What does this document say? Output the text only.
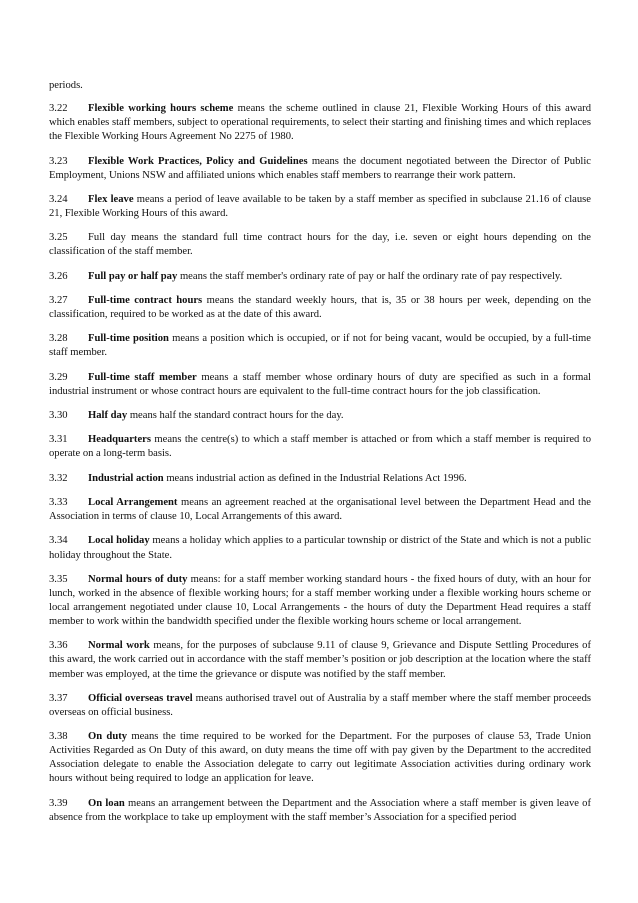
periods.

3.22 Flexible working hours scheme means the scheme outlined in clause 21, Flexible Working Hours of this award which enables staff members, subject to operational requirements, to select their starting and finishing times and which replaces the Flexible Working Hours Agreement No 2275 of 1980.

3.23 Flexible Work Practices, Policy and Guidelines means the document negotiated between the Director of Public Employment, Unions NSW and affiliated unions which enables staff members to rearrange their work pattern.

3.24 Flex leave means a period of leave available to be taken by a staff member as specified in subclause 21.16 of clause 21, Flexible Working Hours of this award.

3.25 Full day means the standard full time contract hours for the day, i.e. seven or eight hours depending on the classification of the staff member.

3.26 Full pay or half pay means the staff member's ordinary rate of pay or half the ordinary rate of pay respectively.

3.27 Full-time contract hours means the standard weekly hours, that is, 35 or 38 hours per week, depending on the classification, required to be worked as at the date of this award.

3.28 Full-time position means a position which is occupied, or if not for being vacant, would be occupied, by a full-time staff member.

3.29 Full-time staff member means a staff member whose ordinary hours of duty are specified as such in a formal industrial instrument or whose contract hours are equivalent to the full-time contract hours for the job classification.

3.30 Half day means half the standard contract hours for the day.

3.31 Headquarters means the centre(s) to which a staff member is attached or from which a staff member is required to operate on a long-term basis.

3.32 Industrial action means industrial action as defined in the Industrial Relations Act 1996.

3.33 Local Arrangement means an agreement reached at the organisational level between the Department Head and the Association in terms of clause 10, Local Arrangements of this award.

3.34 Local holiday means a holiday which applies to a particular township or district of the State and which is not a public holiday throughout the State.

3.35 Normal hours of duty means: for a staff member working standard hours - the fixed hours of duty, with an hour for lunch, worked in the absence of flexible working hours; for a staff member working under a flexible working hours scheme or local arrangement negotiated under clause 10, Local Arrangements - the hours of duty the Department Head requires a staff member to work within the bandwidth specified under the flexible working hours scheme or local arrangement.

3.36 Normal work means, for the purposes of subclause 9.11 of clause 9, Grievance and Dispute Settling Procedures of this award, the work carried out in accordance with the staff member’s position or job description at the location where the staff member was employed, at the time the grievance or dispute was notified by the staff member.

3.37 Official overseas travel means authorised travel out of Australia by a staff member where the staff member proceeds overseas on official business.

3.38 On duty means the time required to be worked for the Department. For the purposes of clause 53, Trade Union Activities Regarded as On Duty of this award, on duty means the time off with pay given by the Department to the accredited Association delegate to enable the Association delegate to carry out legitimate Association activities during ordinary work hours without being required to lodge an application for leave.

3.39 On loan means an arrangement between the Department and the Association where a staff member is given leave of absence from the workplace to take up employment with the staff member’s Association for a specified period
